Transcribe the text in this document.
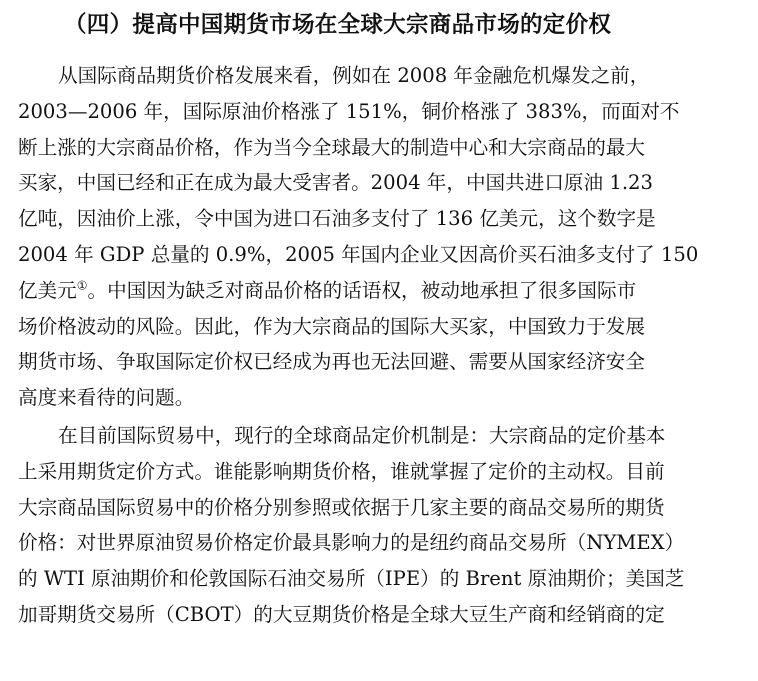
（四）提高中国期货市场在全球大宗商品市场的定价权
从国际商品期货价格发展来看，例如在 2008 年金融危机爆发之前，
2003—2006 年，国际原油价格涨了 151%，铜价格涨了 383%，而面对不
断上涨的大宗商品价格，作为当今全球最大的制造中心和大宗商品的最大
买家，中国已经和正在成为最大受害者。2004 年，中国共进口原油 1.23
亿吨，因油价上涨，令中国为进口石油多支付了 136 亿美元，这个数字是
2004 年 GDP 总量的 0.9%，2005 年国内企业又因高价买石油多支付了 150
亿美元①。中国因为缺乏对商品价格的话语权，被动地承担了很多国际市
场价格波动的风险。因此，作为大宗商品的国际大买家，中国致力于发展
期货市场、争取国际定价权已经成为再也无法回避、需要从国家经济安全
高度来看待的问题。
在目前国际贸易中，现行的全球商品定价机制是：大宗商品的定价基本
上采用期货定价方式。谁能影响期货价格，谁就掌握了定价的主动权。目前
大宗商品国际贸易中的价格分别参照或依据于几家主要的商品交易所的期货
价格：对世界原油贸易价格定价最具影响力的是纽约商品交易所（NYMEX）
的 WTI 原油期价和伦敦国际石油交易所（IPE）的 Brent 原油期价；美国芝
加哥期货交易所（CBOT）的大豆期货价格是全球大豆生产商和经销商的定
